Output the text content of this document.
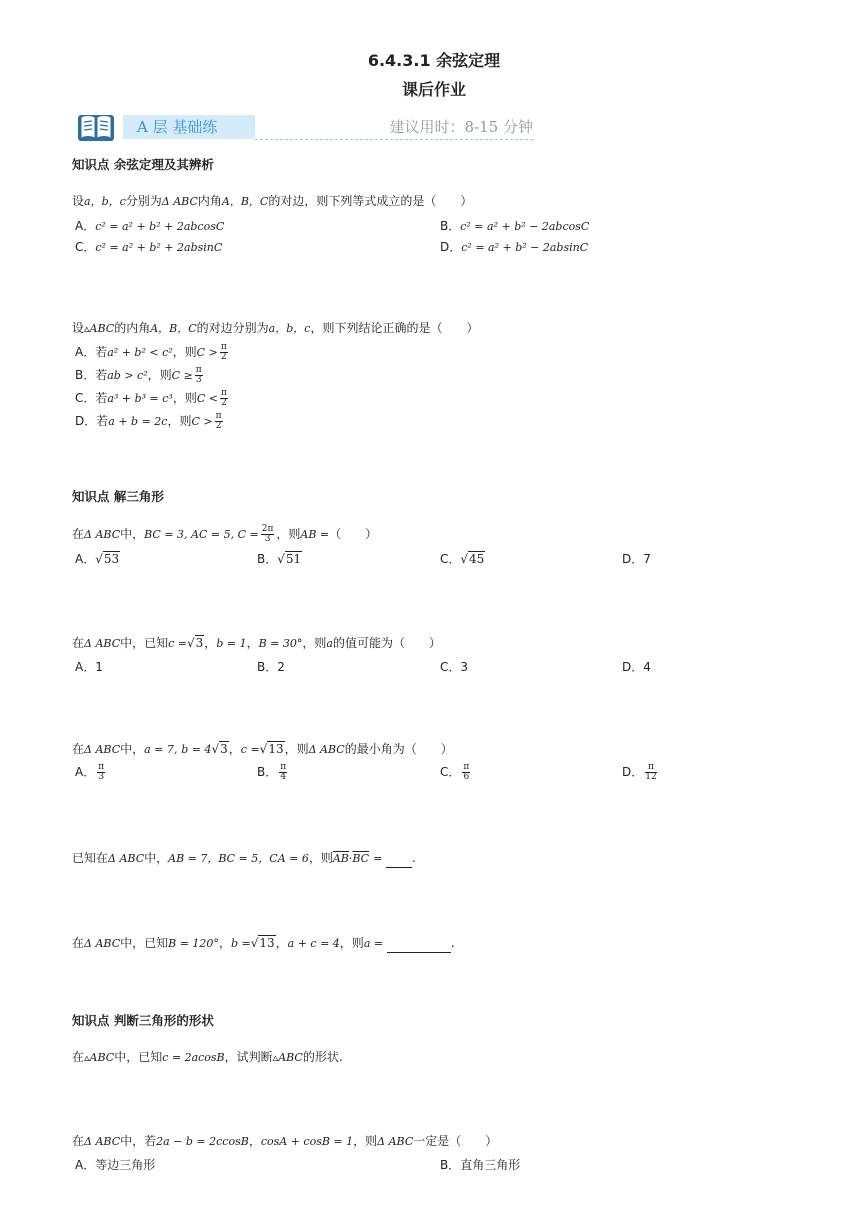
6.4.3.1 余弦定理
课后作业
A 层 基础练	建议用时：8-15 分钟
知识点 余弦定理及其辨析
设a，b，c分别为Δ ABC内角A，B，C的对边，则下列等式成立的是（　　）
A．c² = a² + b² + 2abcosC	B．c² = a² + b² − 2abcosC
C．c² = a² + b² + 2absinC	D．c² = a² + b² − 2absinC
设▵ABC的内角A，B，C的对边分别为a，b，c，则下列结论正确的是（　　）
A．若a² + b² < c²，则$C > \frac{\pi}{2}$
B．若ab > c²，则$C \ge \frac{\pi}{3}$
C．若a³ + b³ = c³，则$C < \frac{\pi}{2}$
D．若a + b = 2c，则$C > \frac{\pi}{2}$
知识点 解三角形
在Δ ABC中，BC = 3, AC = 5, $C = \frac{2\pi}{3}$ ，则AB =（　　）
A．√53	B．√51	C．√45	D．7
在Δ ABC中，已知c =√3，b = 1，B = 30°，则a的值可能为（　　）
A．1	B．2	C．3	D．4
在Δ ABC中，a = 7, b = 4√3，c =√13，则Δ ABC的最小角为（　　）
A． $\frac{\pi}{3}$	B． $\frac{\pi}{4}$	C． $\frac{\pi}{6}$	D． $\frac{\pi}{12}$
已知在Δ ABC中，AB = 7，BC = 5，CA = 6，则$\overline{AB}\cdot\overline{BC}$ = .
在Δ ABC中，已知B = 120°，b =√13，a + c = 4，则a =	.
知识点 判断三角形的形状
在▵ABC中，已知c = 2acosB，试判断▵ABC的形状.
在Δ ABC中，若2a − b = 2ccosB，cosA + cosB = 1，则Δ ABC一定是（　　）
A．等边三角形	B．直角三角形
